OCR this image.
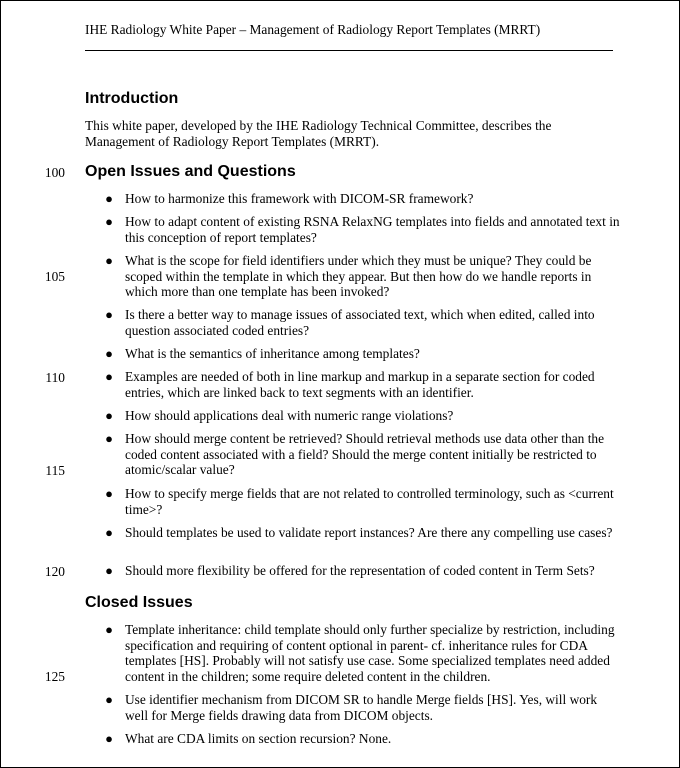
IHE Radiology White Paper – Management of Radiology Report Templates (MRRT)
Introduction
This white paper, developed by the IHE Radiology Technical Committee, describes the Management of Radiology Report Templates (MRRT).
100 Open Issues and Questions
● How to harmonize this framework with DICOM-SR framework?
● How to adapt content of existing RSNA RelaxNG templates into fields and annotated text in this conception of report templates?
● What is the scope for field identifiers under which they must be unique? They could be scoped within the template in which they appear. But then how do we handle reports in which more than one template has been invoked?
● Is there a better way to manage issues of associated text, which when edited, called into question associated coded entries?
● What is the semantics of inheritance among templates?
● Examples are needed of both in line markup and markup in a separate section for coded entries, which are linked back to text segments with an identifier.
● How should applications deal with numeric range violations?
● How should merge content be retrieved? Should retrieval methods use data other than the coded content associated with a field? Should the merge content initially be restricted to atomic/scalar value?
● How to specify merge fields that are not related to controlled terminology, such as <current time>?
● Should templates be used to validate report instances? Are there any compelling use cases?
● Should more flexibility be offered for the representation of coded content in Term Sets?
Closed Issues
● Template inheritance: child template should only further specialize by restriction, including specification and requiring of content optional in parent- cf. inheritance rules for CDA templates [HS]. Probably will not satisfy use case. Some specialized templates need added content in the children; some require deleted content in the children.
● Use identifier mechanism from DICOM SR to handle Merge fields [HS]. Yes, will work well for Merge fields drawing data from DICOM objects.
● What are CDA limits on section recursion? None.
105
110
115
120
125
